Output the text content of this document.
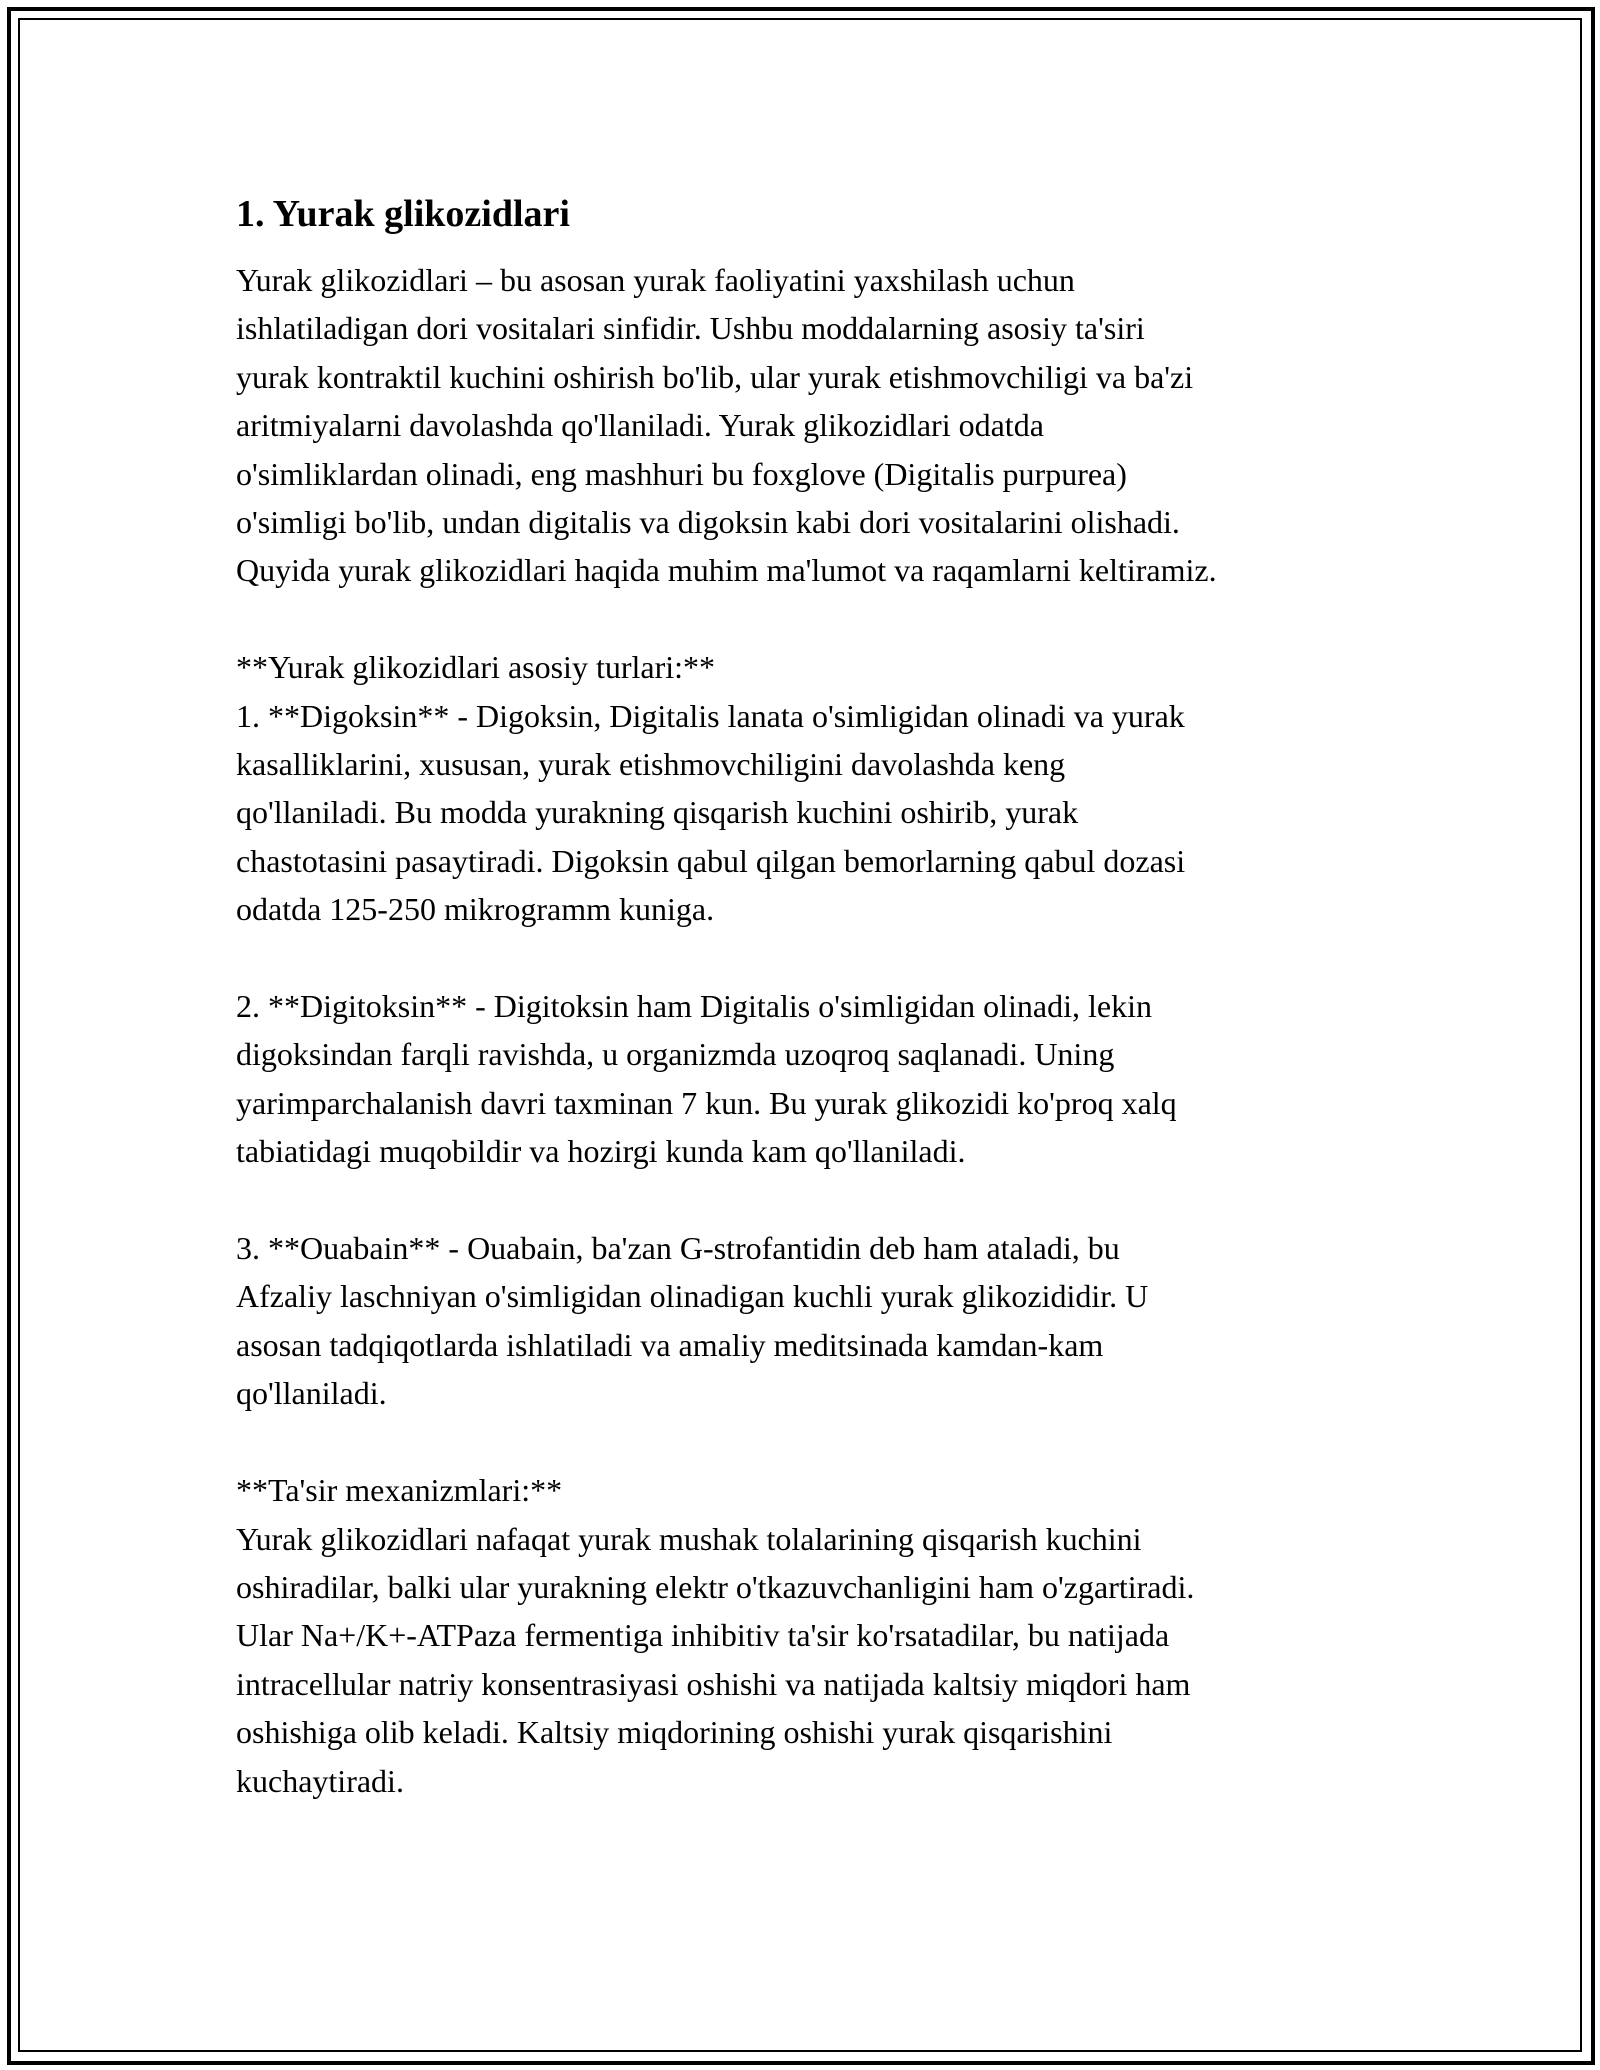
1. Yurak glikozidlari

Yurak glikozidlari – bu asosan yurak faoliyatini yaxshilash uchun
ishlatiladigan dori vositalari sinfidir. Ushbu moddalarning asosiy ta'siri
yurak kontraktil kuchini oshirish bo'lib, ular yurak etishmovchiligi va ba'zi
aritmiyalarni davolashda qo'llaniladi. Yurak glikozidlari odatda
o'simliklardan olinadi, eng mashhuri bu foxglove (Digitalis purpurea)
o'simligi bo'lib, undan digitalis va digoksin kabi dori vositalarini olishadi.
Quyida yurak glikozidlari haqida muhim ma'lumot va raqamlarni keltiramiz.

**Yurak glikozidlari asosiy turlari:**

1. **Digoksin** - Digoksin, Digitalis lanata o'simligidan olinadi va yurak
kasalliklarini, xususan, yurak etishmovchiligini davolashda keng
qo'llaniladi. Bu modda yurakning qisqarish kuchini oshirib, yurak
chastotasini pasaytiradi. Digoksin qabul qilgan bemorlarning qabul dozasi
odatda 125-250 mikrogramm kuniga.

2. **Digitoksin** - Digitoksin ham Digitalis o'simligidan olinadi, lekin
digoksindan farqli ravishda, u organizmda uzoqroq saqlanadi. Uning
yarimparchalanish davri taxminan 7 kun. Bu yurak glikozidi ko'proq xalq
tabiatidagi muqobildir va hozirgi kunda kam qo'llaniladi.

3. **Ouabain** - Ouabain, ba'zan G-strofantidin deb ham ataladi, bu
Afzaliy laschniyan o'simligidan olinadigan kuchli yurak glikozididir. U
asosan tadqiqotlarda ishlatiladi va amaliy meditsinada kamdan-kam
qo'llaniladi.

**Ta'sir mexanizmlari:**

Yurak glikozidlari nafaqat yurak mushak tolalarining qisqarish kuchini
oshiradilar, balki ular yurakning elektr o'tkazuvchanligini ham o'zgartiradi.
Ular Na+/K+-ATPaza fermentiga inhibitiv ta'sir ko'rsatadilar, bu natijada
intracellular natriy konsentrasiyasi oshishi va natijada kaltsiy miqdori ham
oshishiga olib keladi. Kaltsiy miqdorining oshishi yurak qisqarishini
kuchaytiradi.
